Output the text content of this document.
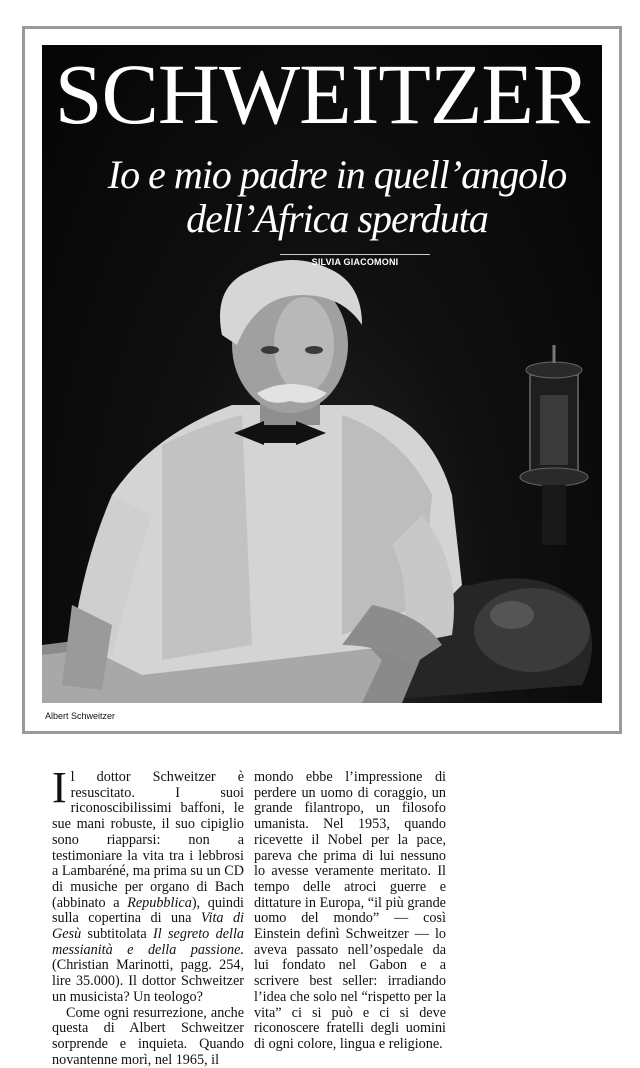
SCHWEITZER
Io e mio padre in quell’angolo dell’Africa sperduta
SILVIA GIACOMONI
Albert Schweitzer

Il dottor Schweitzer è resuscitato. I suoi riconoscibilissimi baffoni, le sue mani robuste, il suo cipiglio sono riapparsi: non a testimoniare la vita tra i lebbrosi a Lambaréné, ma prima su un CD di musiche per organo di Bach (abbinato a Repubblica), quindi sulla copertina di una Vita di Gesù subtitolata Il segreto della messianità e della passione. (Christian Marinotti, pagg. 254, lire 35.000). Il dottor Schweitzer un musicista? Un teologo?

Come ogni resurrezione, anche questa di Albert Schweitzer sorprende e inquieta. Quando novantenne morì, nel 1965, il

mondo ebbe l’impressione di perdere un uomo di coraggio, un grande filantropo, un filosofo umanista. Nel 1953, quando ricevette il Nobel per la pace, pareva che prima di lui nessuno lo avesse veramente meritato. Il tempo delle atroci guerre e dittature in Europa, “il più grande uomo del mondo” — così Einstein definì Schweitzer — lo aveva passato nell’ospedale da lui fondato nel Gabon e a scrivere best seller: irradiando l’idea che solo nel “rispetto per la vita” ci si può e ci si deve riconoscere fratelli degli uomini di ogni colore, lingua e religione.
